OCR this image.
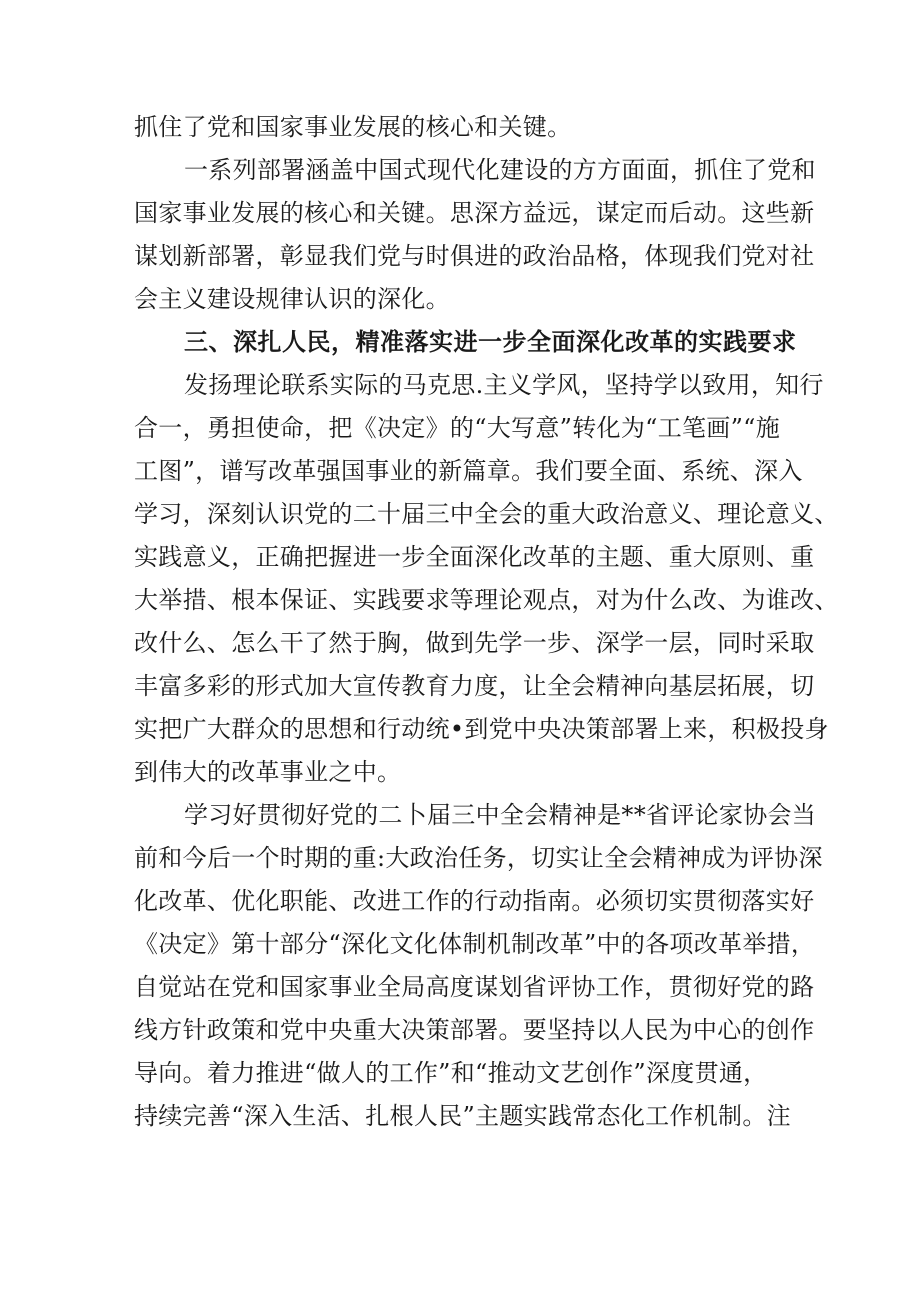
抓住了党和国家事业发展的核心和关键。
一系列部署涵盖中国式现代化建设的方方面面，抓住了党和
国家事业发展的核心和关键。思深方益远，谋定而后动。这些新
谋划新部署，彰显我们党与时俱进的政治品格，体现我们党对社
会主义建设规律认识的深化。
三、深扎人民，精准落实进一步全面深化改革的实践要求
发扬理论联系实际的马克思.主义学风，坚持学以致用，知行
合一，勇担使命，把《决定》的“大写意”转化为“工笔画”“施
工图”，谱写改革强国事业的新篇章。我们要全面、系统、深入
学习，深刻认识党的二十届三中全会的重大政治意义、理论意义、
实践意义，正确把握进一步全面深化改革的主题、重大原则、重
大举措、根本保证、实践要求等理论观点，对为什么改、为谁改、
改什么、怎么干了然于胸，做到先学一步、深学一层，同时采取
丰富多彩的形式加大宣传教育力度，让全会精神向基层拓展，切
实把广大群众的思想和行动统•到党中央决策部署上来，积极投身
到伟大的改革事业之中。
学习好贯彻好党的二卜届三中全会精神是**省评论家协会当
前和今后一个时期的重:大政治任务，切实让全会精神成为评协深
化改革、优化职能、改进工作的行动指南。必须切实贯彻落实好
《决定》第十部分“深化文化体制机制改革”中的各项改革举措，
自觉站在党和国家事业全局高度谋划省评协工作，贯彻好党的路
线方针政策和党中央重大决策部署。要坚持以人民为中心的创作
导向。着力推进“做人的工作”和“推动文艺创作”深度贯通，
持续完善“深入生活、扎根人民”主题实践常态化工作机制。注
